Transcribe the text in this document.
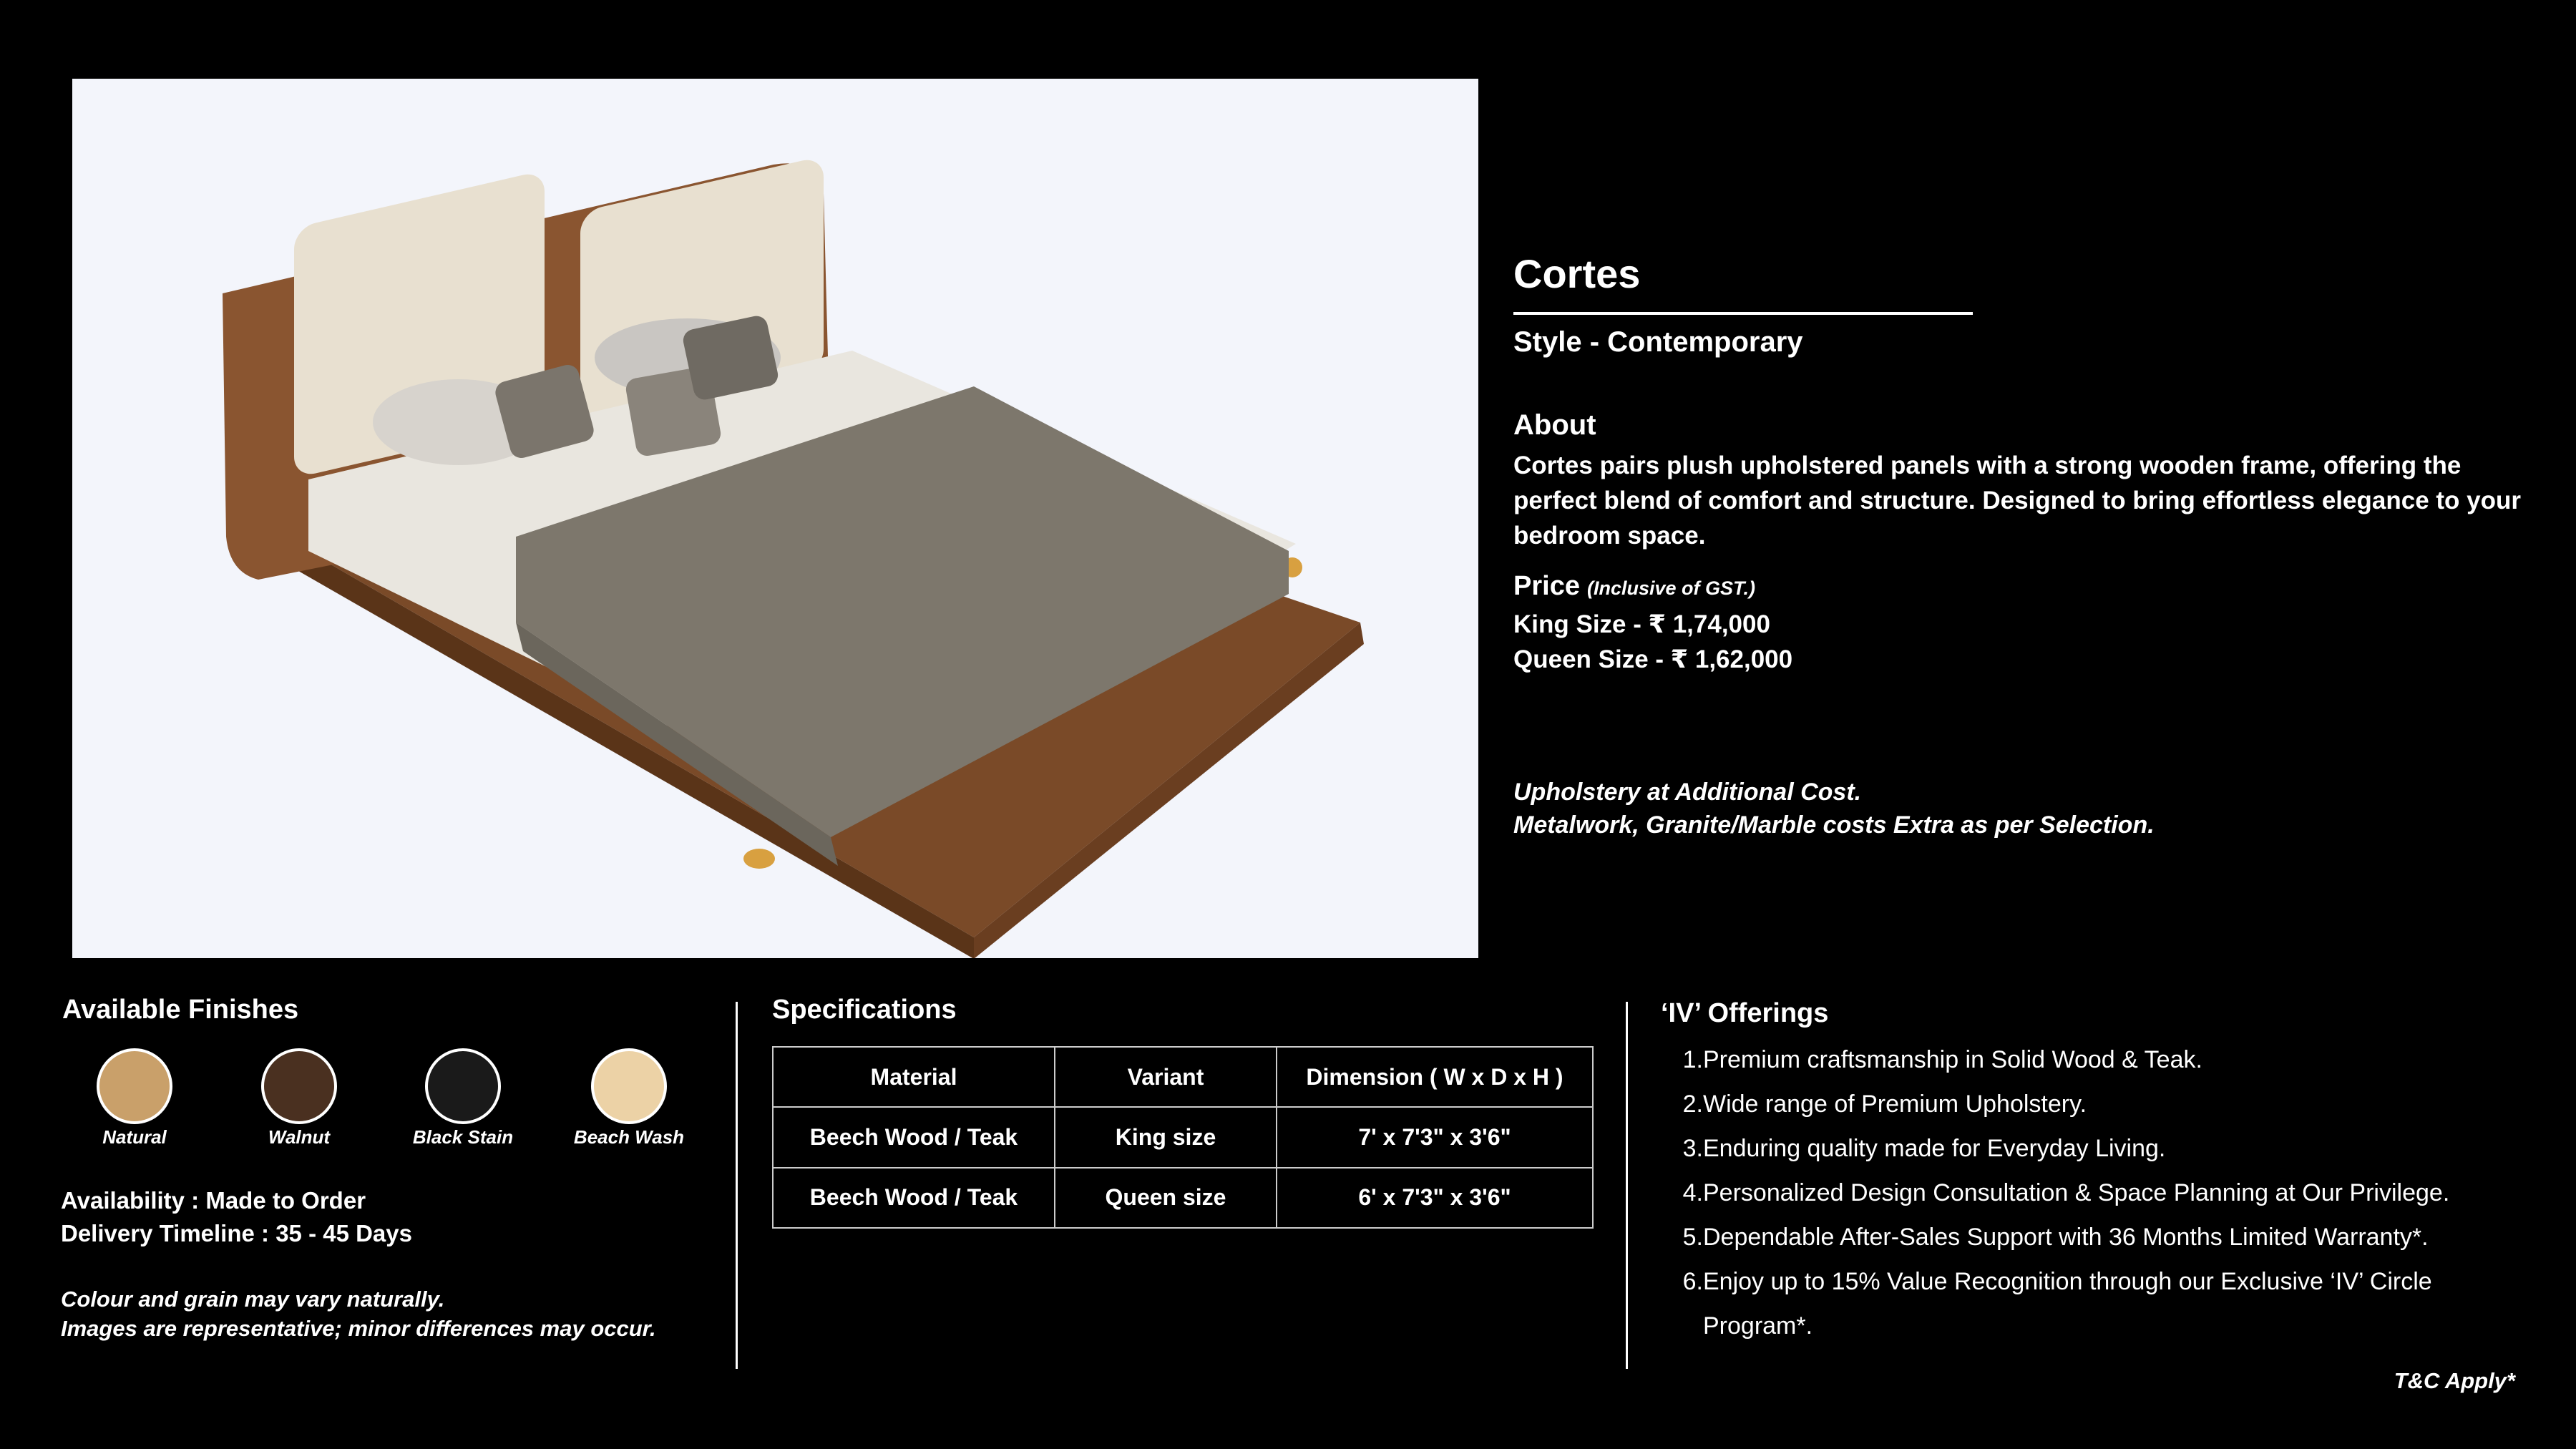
Cortes
Style - Contemporary
About
Cortes pairs plush upholstered panels with a strong wooden frame, offering the perfect blend of comfort and structure. Designed to bring effortless elegance to your bedroom space.
Price (Inclusive of GST.)
King Size - ₹ 1,74,000
Queen Size - ₹ 1,62,000
Upholstery at Additional Cost.
Metalwork, Granite/Marble costs Extra as per Selection.
Available Finishes
Natural	Walnut	Black Stain	Beach Wash
Availability : Made to Order
Delivery Timeline : 35 - 45 Days
Colour and grain may vary naturally.
Images are representative; minor differences may occur.
Specifications
Material	Variant	Dimension ( W x D x H )
Beech Wood / Teak	King size	7' x 7'3" x 3'6"
Beech Wood / Teak	Queen size	6' x 7'3" x 3'6"
‘IV’ Offerings
1.Premium craftsmanship in Solid Wood & Teak.
2.Wide range of Premium Upholstery.
3.Enduring quality made for Everyday Living.
4.Personalized Design Consultation & Space Planning at Our Privilege.
5.Dependable After-Sales Support with 36 Months Limited Warranty*.
6.Enjoy up to 15% Value Recognition through our Exclusive ‘IV’ Circle
Program*.
T&C Apply*
